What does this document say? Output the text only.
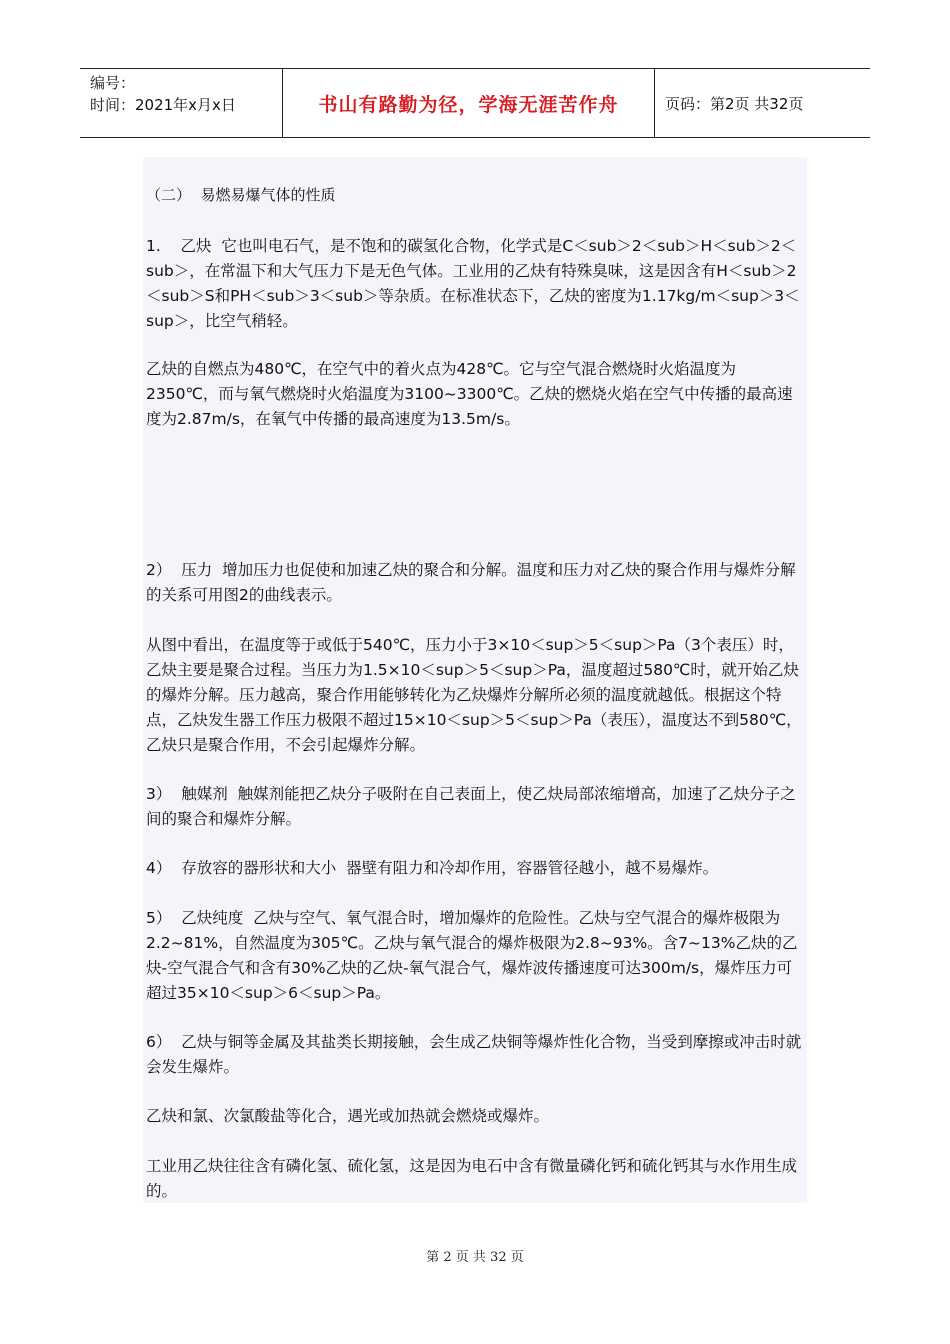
编号：
时间：2021年x月x日	书山有路勤为径，学海无涯苦作舟	页码：第2页 共32页

（二）  易燃易爆气体的性质

1.    乙炔  它也叫电石气，是不饱和的碳氢化合物，化学式是C＜sub＞2＜sub＞H＜sub＞2＜sub＞，在常温下和大气压力下是无色气体。工业用的乙炔有特殊臭味，这是因含有H＜sub＞2＜sub＞S和PH＜sub＞3＜sub＞等杂质。在标准状态下，乙炔的密度为1.17kg/m＜sup＞3＜sup＞，比空气稍轻。

乙炔的自燃点为480℃，在空气中的着火点为428℃。它与空气混合燃烧时火焰温度为2350℃，而与氧气燃烧时火焰温度为3100~3300℃。乙炔的燃烧火焰在空气中传播的最高速度为2.87m/s，在氧气中传播的最高速度为13.5m/s。

2）  压力  增加压力也促使和加速乙炔的聚合和分解。温度和压力对乙炔的聚合作用与爆炸分解的关系可用图2的曲线表示。

从图中看出，在温度等于或低于540℃，压力小于3×10＜sup＞5＜sup＞Pa（3个表压）时，乙炔主要是聚合过程。当压力为1.5×10＜sup＞5＜sup＞Pa，温度超过580℃时，就开始乙炔的爆炸分解。压力越高，聚合作用能够转化为乙炔爆炸分解所必须的温度就越低。根据这个特点，乙炔发生器工作压力极限不超过15×10＜sup＞5＜sup＞Pa（表压），温度达不到580℃，乙炔只是聚合作用，不会引起爆炸分解。

3）  触媒剂  触媒剂能把乙炔分子吸附在自己表面上，使乙炔局部浓缩增高，加速了乙炔分子之间的聚合和爆炸分解。

4）  存放容的器形状和大小  器壁有阻力和冷却作用，容器管径越小，越不易爆炸。

5）  乙炔纯度  乙炔与空气、氧气混合时，增加爆炸的危险性。乙炔与空气混合的爆炸极限为2.2~81%，自然温度为305℃。乙炔与氧气混合的爆炸极限为2.8~93%。含7~13%乙炔的乙炔-空气混合气和含有30%乙炔的乙炔-氧气混合气，爆炸波传播速度可达300m/s，爆炸压力可超过35×10＜sup＞6＜sup＞Pa。

6）  乙炔与铜等金属及其盐类长期接触，会生成乙炔铜等爆炸性化合物，当受到摩擦或冲击时就会发生爆炸。

乙炔和氯、次氯酸盐等化合，遇光或加热就会燃烧或爆炸。

工业用乙炔往往含有磷化氢、硫化氢，这是因为电石中含有微量磷化钙和硫化钙其与水作用生成的。

第 2 页 共 32 页
